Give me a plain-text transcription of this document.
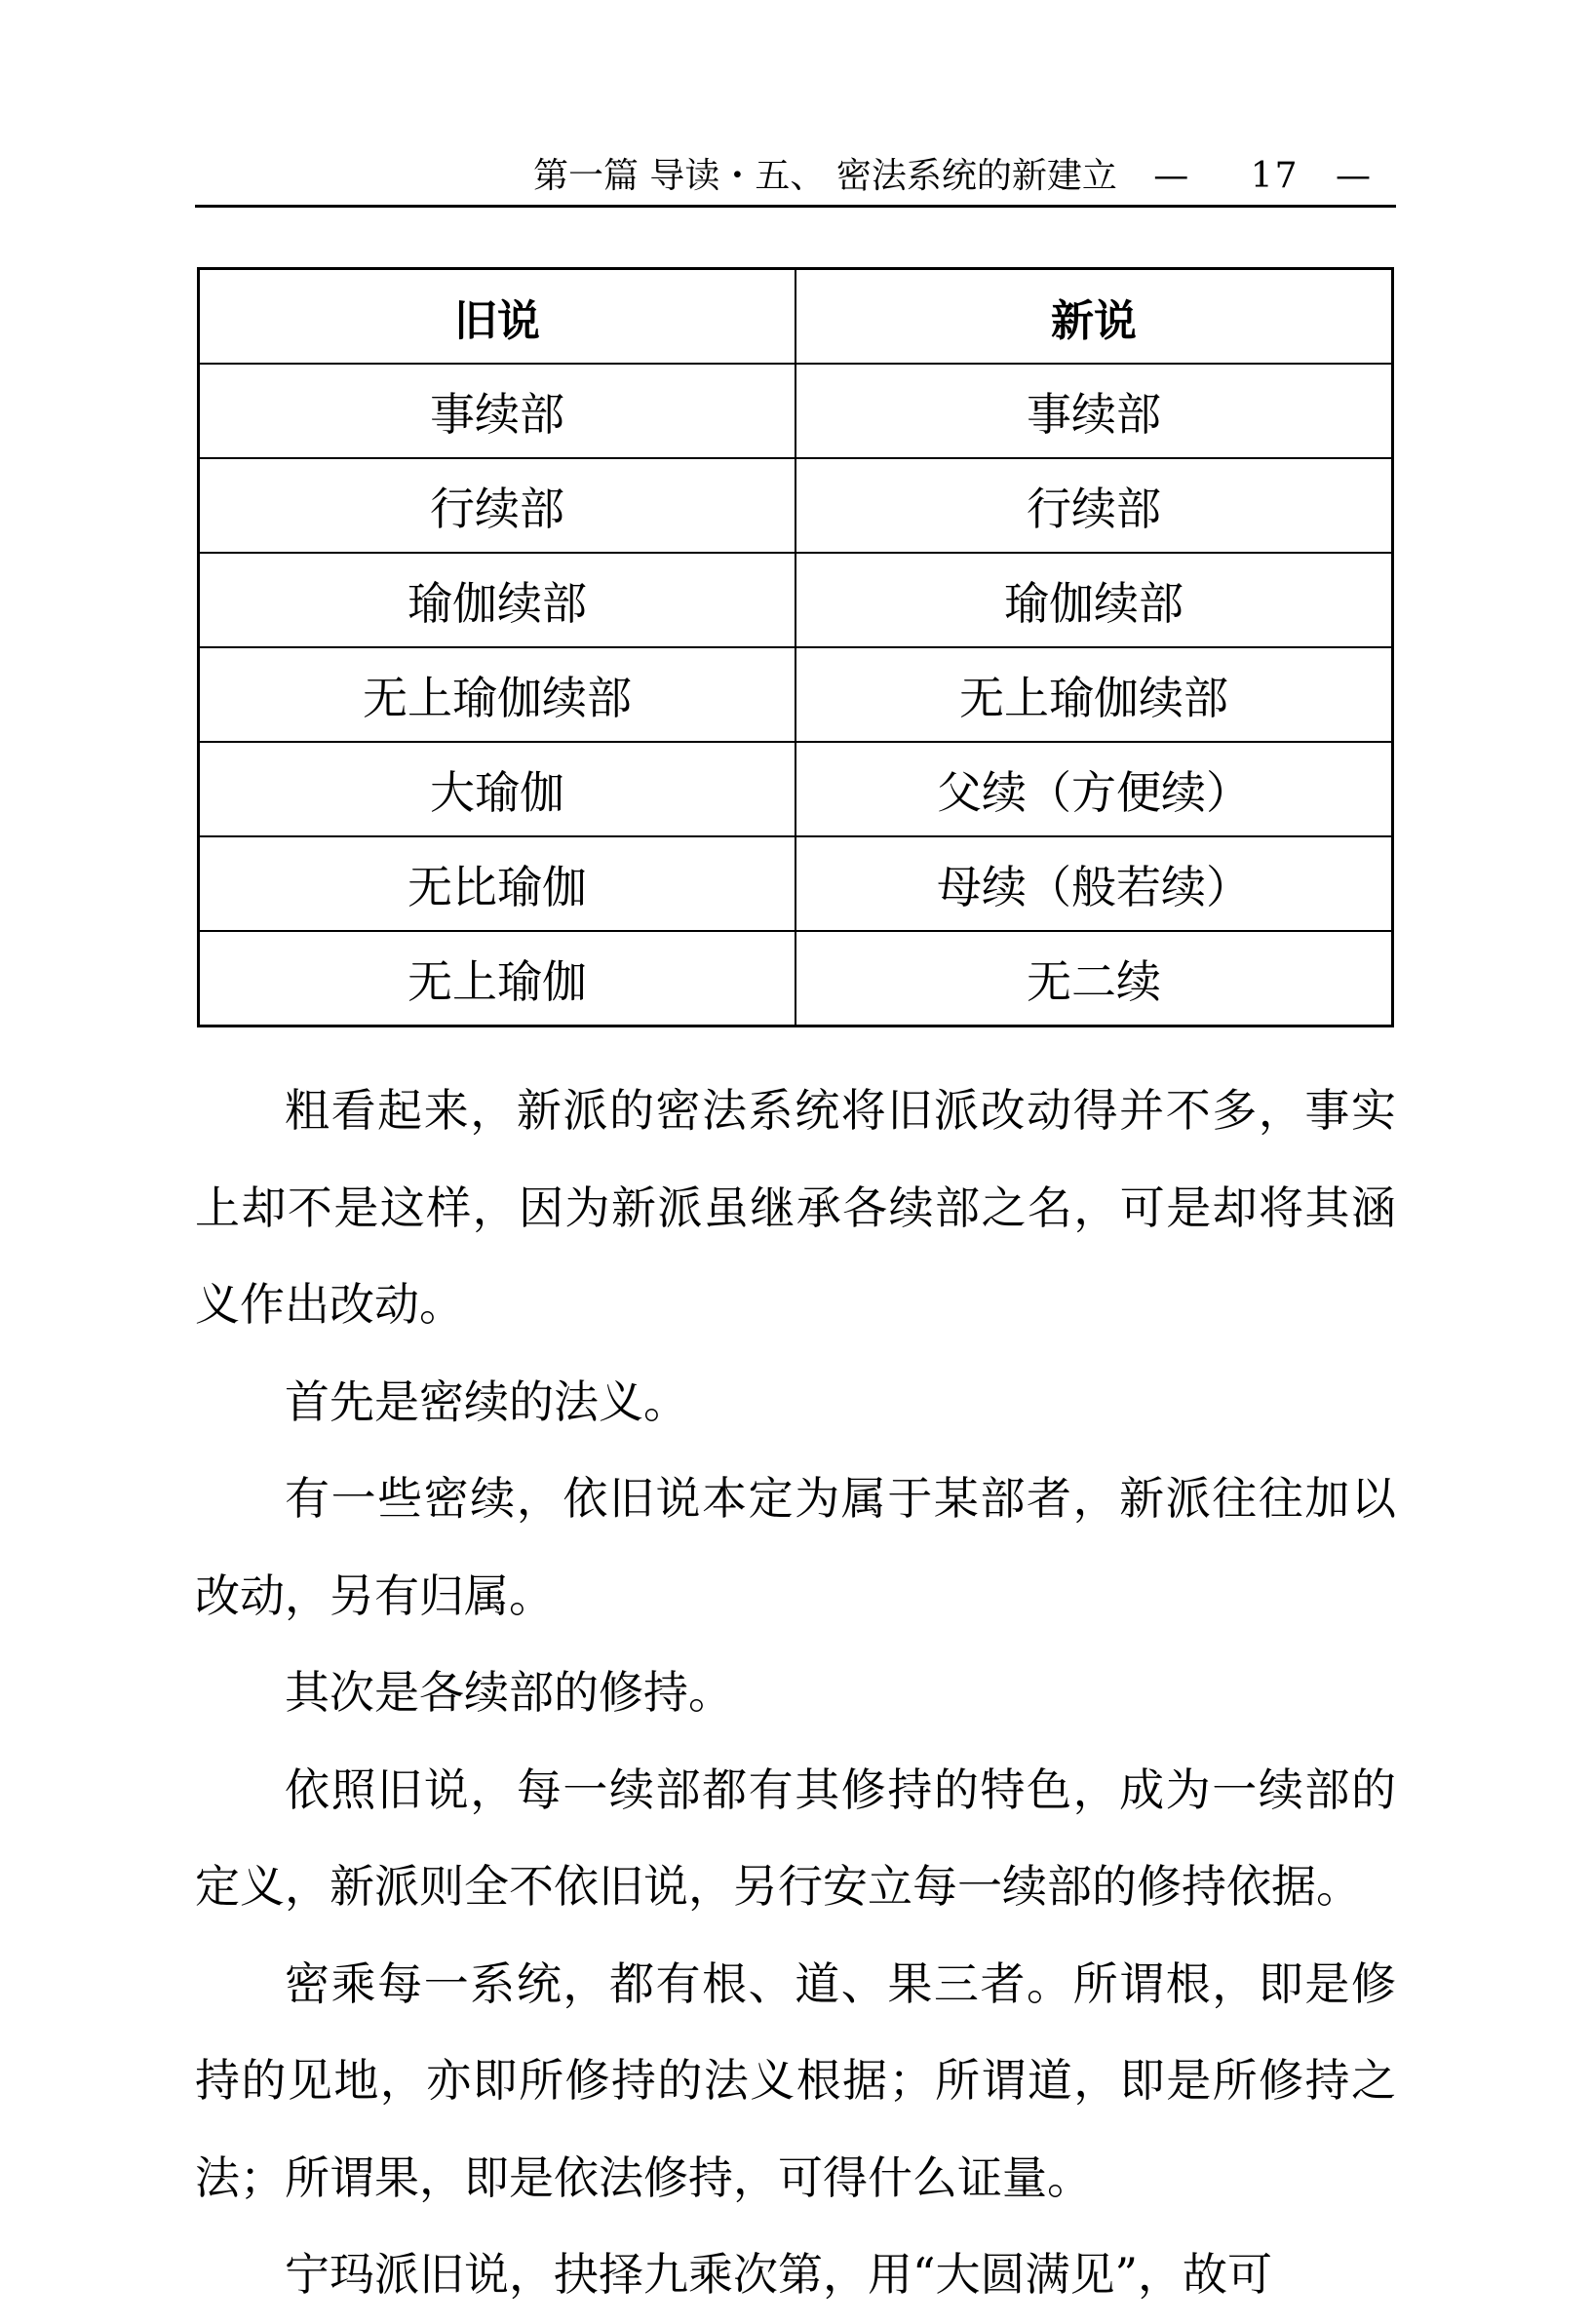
第一篇 导读・五、 密法系统的新建立 — 17 —
旧说	新说
事续部	事续部
行续部	行续部
瑜伽续部	瑜伽续部
无上瑜伽续部	无上瑜伽续部
大瑜伽	父续（方便续）
无比瑜伽	母续（般若续）
无上瑜伽	无二续

粗看起来，新派的密法系统将旧派改动得并不多，事实上却不是这样，因为新派虽继承各续部之名，可是却将其涵义作出改动。

首先是密续的法义。

有一些密续，依旧说本定为属于某部者，新派往往加以改动，另有归属。

其次是各续部的修持。

依照旧说，每一续部都有其修持的特色，成为一续部的定义，新派则全不依旧说，另行安立每一续部的修持依据。

密乘每一系统，都有根、道、果三者。所谓根，即是修持的见地，亦即所修持的法义根据；所谓道，即是所修持之法；所谓果，即是依法修持，可得什么证量。

宁玛派旧说，抉择九乘次第，用“大圆满见”，故可
